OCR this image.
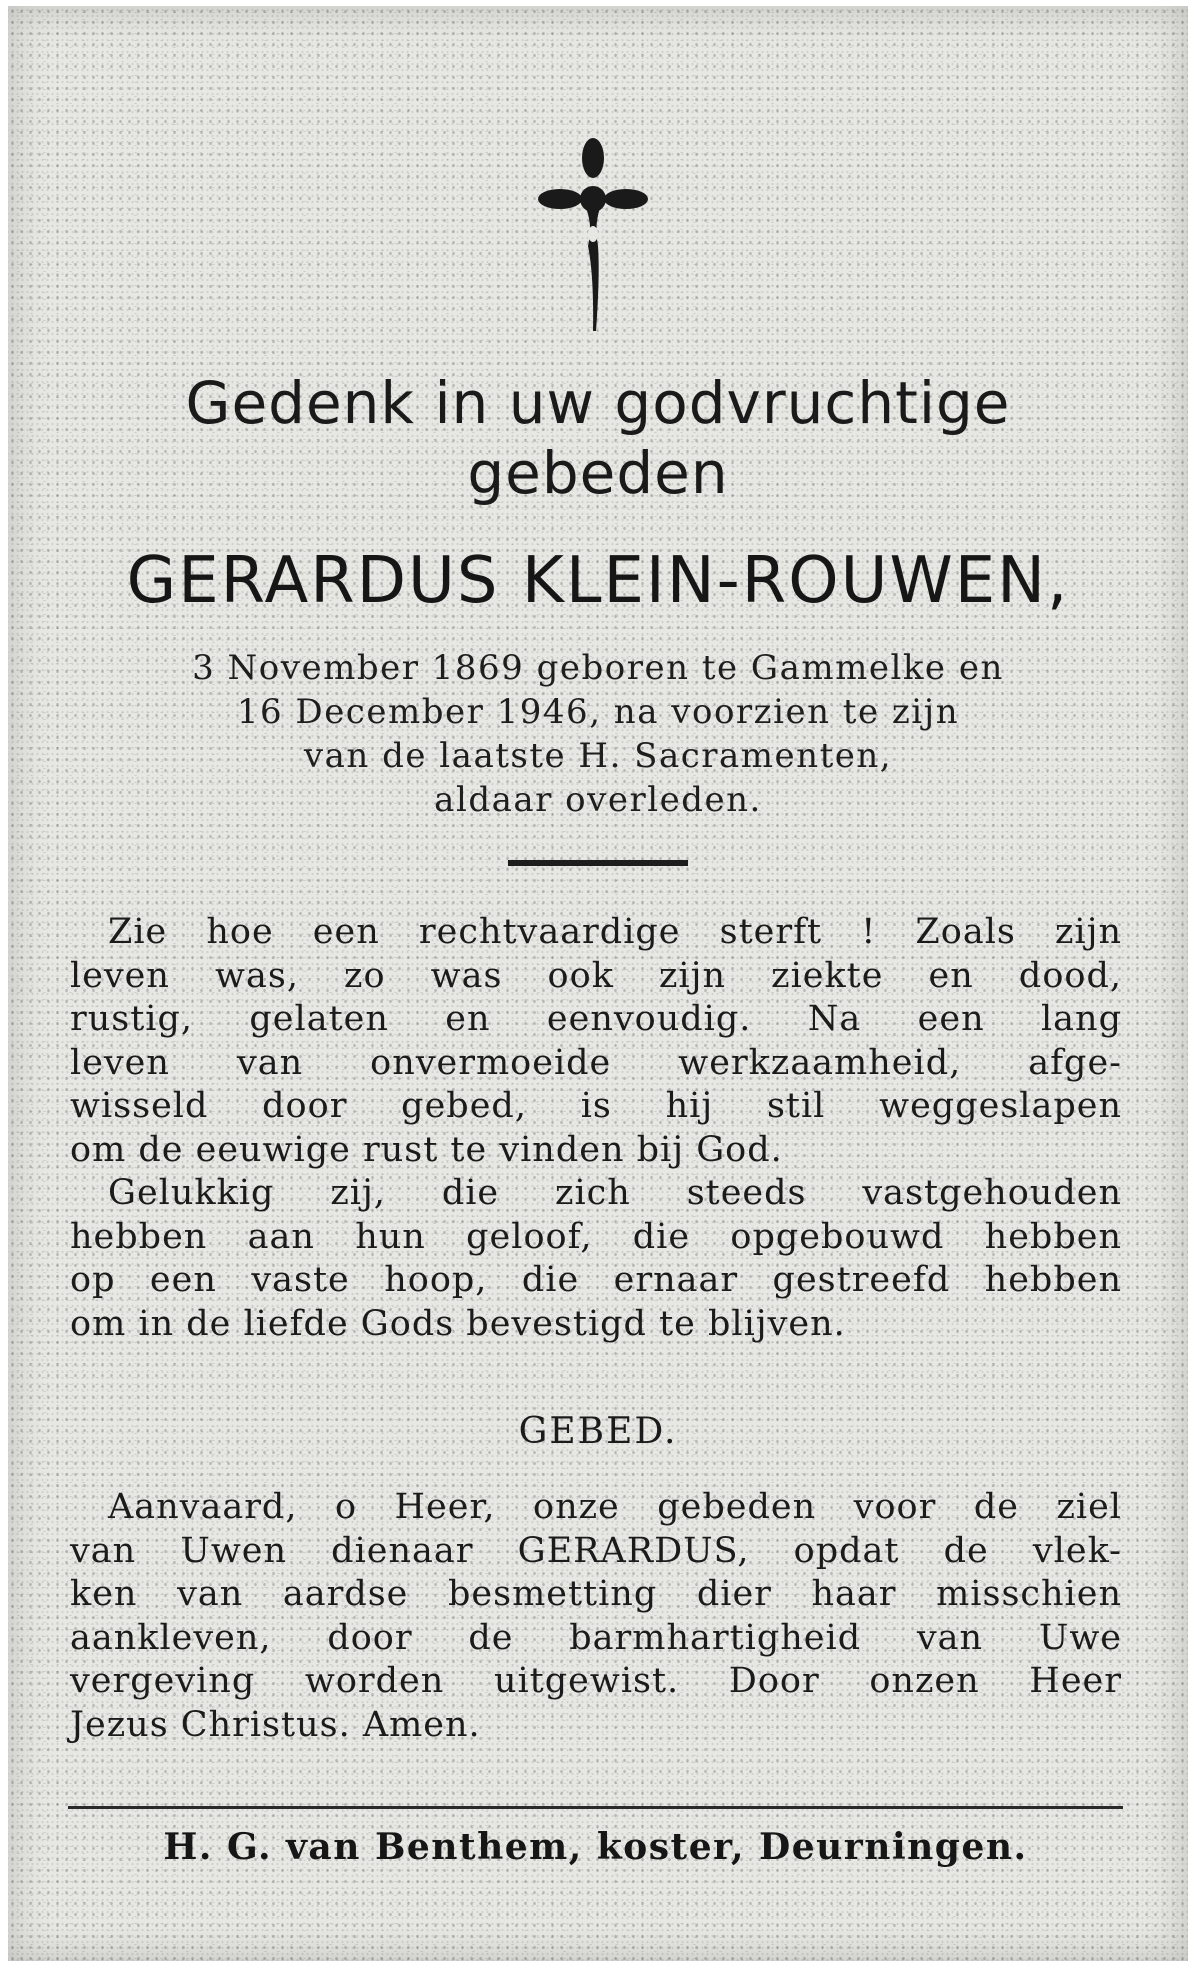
Gedenk in uw godvruchtige
gebeden
GERARDUS KLEIN-ROUWEN,
3 November 1869 geboren te Gammelke en
16 December 1946, na voorzien te zijn
van de laatste H. Sacramenten,
aldaar overleden.
Zie hoe een rechtvaardige sterft ! Zoals zijn
leven was, zo was ook zijn ziekte en dood,
rustig, gelaten en eenvoudig. Na een lang
leven van onvermoeide werkzaamheid, afge-
wisseld door gebed, is hij stil weggeslapen
om de eeuwige rust te vinden bij God.
Gelukkig zij, die zich steeds vastgehouden
hebben aan hun geloof, die opgebouwd hebben
op een vaste hoop, die ernaar gestreefd hebben
om in de liefde Gods bevestigd te blijven.
GEBED.
Aanvaard, o Heer, onze gebeden voor de ziel
van Uwen dienaar GERARDUS, opdat de vlek-
ken van aardse besmetting dier haar misschien
aankleven, door de barmhartigheid van Uwe
vergeving worden uitgewist. Door onzen Heer
Jezus Christus. Amen.
H. G. van Benthem, koster, Deurningen.
